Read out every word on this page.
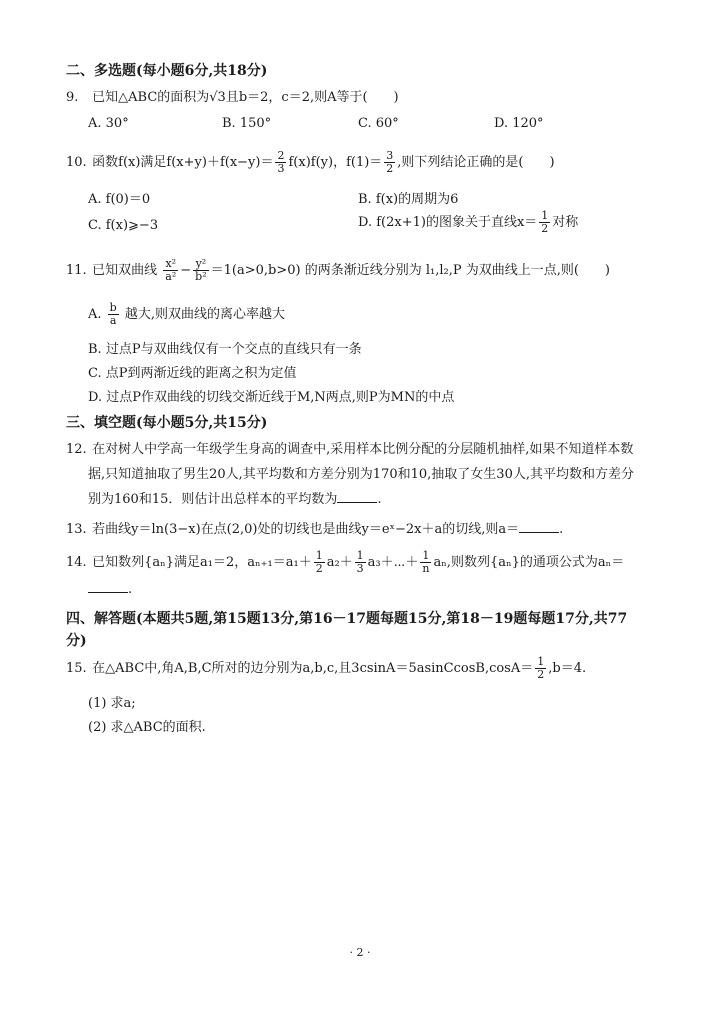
二、多选题(每小题6分,共18分)
9. 已知△ABC的面积为√3且b＝2，c＝2,则A等于(　　)
A. 30°	B. 150°	C. 60°	D. 120°
10. 函数f(x)满足$f(x+y)+f(x-y)= \frac{2}{3} f(x)f(y)$，$f(1)= \frac{3}{2}$ ,则下列结论正确的是(　　)
A. f(0)＝0	B. f(x)的周期为6
C. f(x)⩾−3	D. f(2x+1)的图象关于直线$x= \frac{1}{2}$ 对称
11. 已知双曲线 $\frac{\text{x²}}{\text{a²}} - \frac{\text{y²}}{\text{b²}} =1(a>0,b>0)$ 的两条渐近线分别为 l₁,l₂,P 为双曲线上一点,则(　　)
A. $\frac{b}{a}$ 越大,则双曲线的离心率越大
B. 过点P与双曲线仅有一个交点的直线只有一条
C. 点P到两渐近线的距离之积为定值
D. 过点P作双曲线的切线交渐近线于M,N两点,则P为MN的中点
三、填空题(每小题5分,共15分)
12. 在对树人中学高一年级学生身高的调查中,采用样本比例分配的分层随机抽样,如果不知道样本数
据,只知道抽取了男生20人,其平均数和方差分别为170和10,抽取了女生30人,其平均数和方差分
别为160和15．则估计出总样本的平均数为	.
13. 若曲线y＝ln(3−x)在点(2,0)处的切线也是曲线y＝eˣ−2x＋a的切线,则a＝	.
14. 已知数列{aₙ}满足a₁＝2，$a_{n+1}=a_1+ \frac{1}{2} a_2+ \frac{1}{3}$ a₃＋⋯＋ $\frac{1}{n} a_n$,则数列{aₙ}的通项公式为aₙ＝
.
四、解答题(本题共5题,第15题13分,第16－17题每题15分,第18－19题每题17分,共77
分)
15. 在△ABC中,角A,B,C所对的边分别为a,b,c,且3csinA＝5asinCcosB,cosA＝ $\frac{1}{2} ,b=4$.
(1) 求a;
(2) 求△ABC的面积.
· 2 ·
